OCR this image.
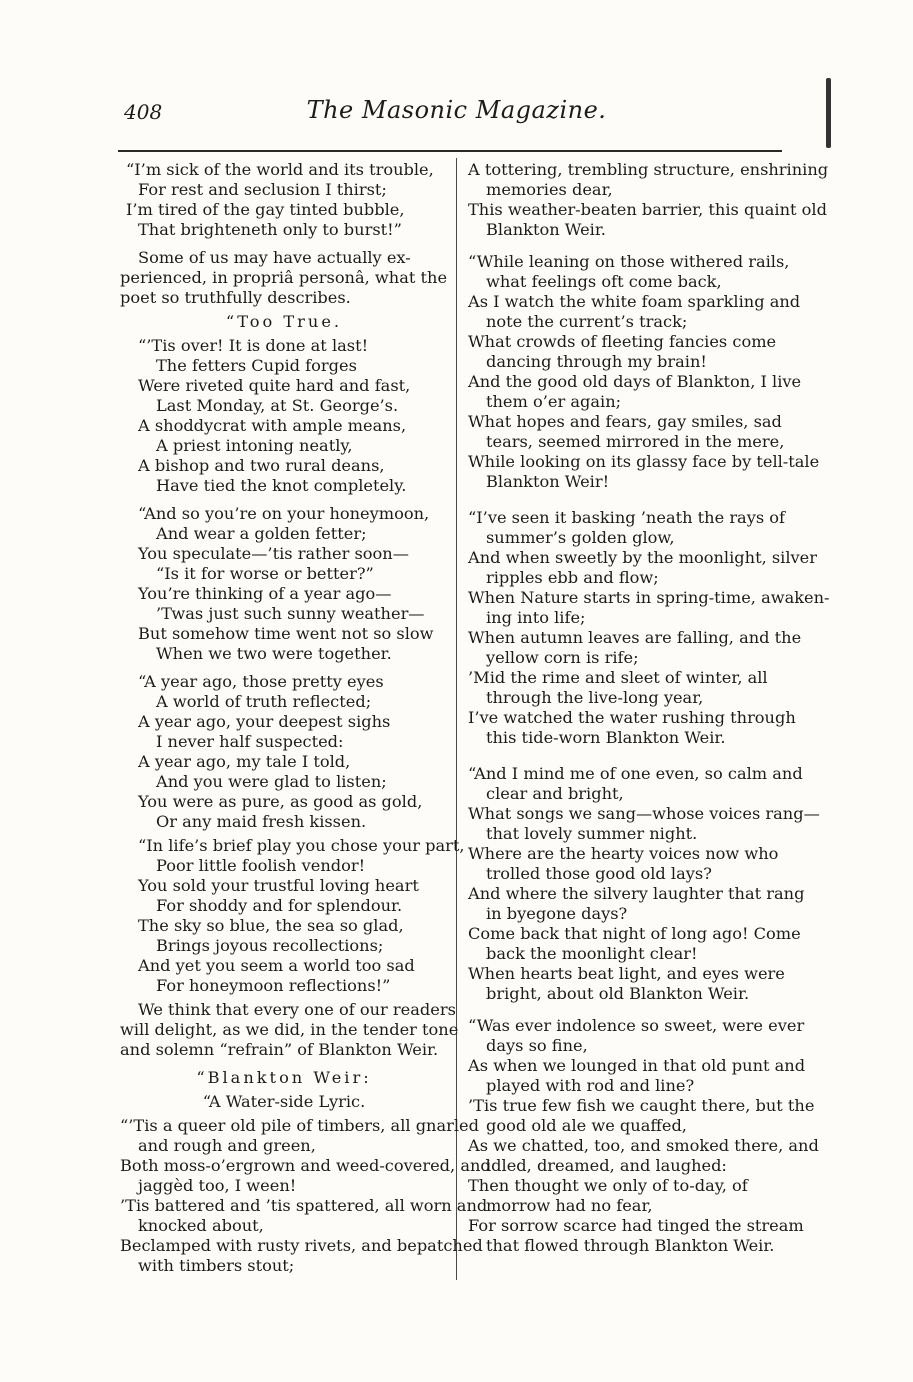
408	The Masonic Magazine.
“I’m sick of the world and its trouble,
For rest and seclusion I thirst;
I’m tired of the gay tinted bubble,
That brighteneth only to burst!”
Some of us may have actually ex-
perienced, in propriâ personâ, what the
poet so truthfully describes.
“Too True.
“’Tis over! It is done at last!
The fetters Cupid forges
Were riveted quite hard and fast,
Last Monday, at St. George’s.
A shoddycrat with ample means,
A priest intoning neatly,
A bishop and two rural deans,
Have tied the knot completely.
“And so you’re on your honeymoon,
And wear a golden fetter;
You speculate—’tis rather soon—
“Is it for worse or better?”
You’re thinking of a year ago—
’Twas just such sunny weather—
But somehow time went not so slow
When we two were together.
“A year ago, those pretty eyes
A world of truth reflected;
A year ago, your deepest sighs
I never half suspected:
A year ago, my tale I told,
And you were glad to listen;
You were as pure, as good as gold,
Or any maid fresh kissen.
“In life’s brief play you chose your part,
Poor little foolish vendor!
You sold your trustful loving heart
For shoddy and for splendour.
The sky so blue, the sea so glad,
Brings joyous recollections;
And yet you seem a world too sad
For honeymoon reflections!”
We think that every one of our readers
will delight, as we did, in the tender tone
and solemn “refrain” of Blankton Weir.
“Blankton Weir:
“A Water-side Lyric.
“’Tis a queer old pile of timbers, all gnarled
and rough and green,
Both moss-o’ergrown and weed-covered, and
jaggèd too, I ween!
’Tis battered and ’tis spattered, all worn and
knocked about,
Beclamped with rusty rivets, and bepatched
with timbers stout;
A tottering, trembling structure, enshrining
memories dear,
This weather-beaten barrier, this quaint old
Blankton Weir.
“While leaning on those withered rails,
what feelings oft come back,
As I watch the white foam sparkling and
note the current’s track;
What crowds of fleeting fancies come
dancing through my brain!
And the good old days of Blankton, I live
them o’er again;
What hopes and fears, gay smiles, sad
tears, seemed mirrored in the mere,
While looking on its glassy face by tell-tale
Blankton Weir!
“I’ve seen it basking ’neath the rays of
summer’s golden glow,
And when sweetly by the moonlight, silver
ripples ebb and flow;
When Nature starts in spring-time, awaken-
ing into life;
When autumn leaves are falling, and the
yellow corn is rife;
’Mid the rime and sleet of winter, all
through the live-long year,
I’ve watched the water rushing through
this tide-worn Blankton Weir.
“And I mind me of one even, so calm and
clear and bright,
What songs we sang—whose voices rang—
that lovely summer night.
Where are the hearty voices now who
trolled those good old lays?
And where the silvery laughter that rang
in byegone days?
Come back that night of long ago! Come
back the moonlight clear!
When hearts beat light, and eyes were
bright, about old Blankton Weir.
“Was ever indolence so sweet, were ever
days so fine,
As when we lounged in that old punt and
played with rod and line?
’Tis true few fish we caught there, but the
good old ale we quaffed,
As we chatted, too, and smoked there, and
idled, dreamed, and laughed:
Then thought we only of to-day, of
morrow had no fear,
For sorrow scarce had tinged the stream
that flowed through Blankton Weir.
